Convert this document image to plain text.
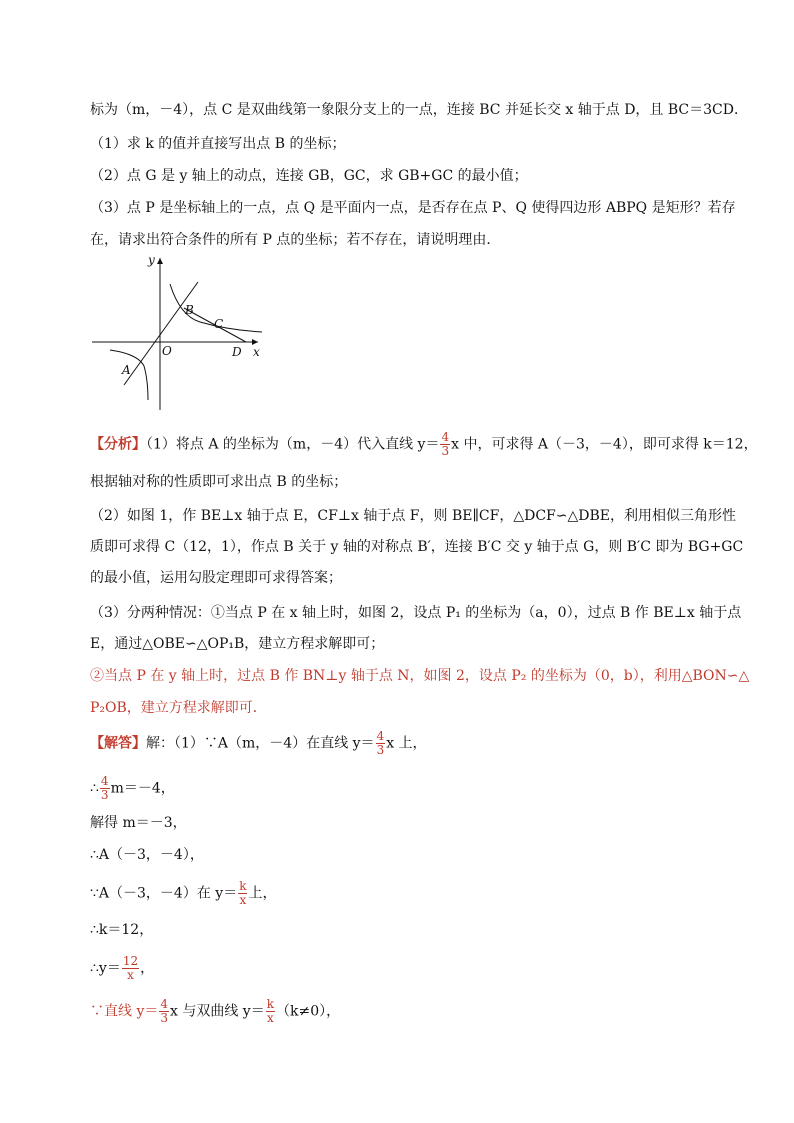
标为（m，－4），点 C 是双曲线第一象限分支上的一点，连接 BC 并延长交 x 轴于点 D，且 BC＝3CD．
（1）求 k 的值并直接写出点 B 的坐标；
（2）点 G 是 y 轴上的动点，连接 GB，GC，求 GB+GC 的最小值；
（3）点 P 是坐标轴上的一点，点 Q 是平面内一点，是否存在点 P、Q 使得四边形 ABPQ 是矩形？若存
在，请求出符合条件的所有 P 点的坐标；若不存在，请说明理由．
y
x
O
A
B
C
D
【分析】（1）将点 A 的坐标为（m，－4）代入直线 $y= \frac{4}{3}$ x 中，可求得 A（－3，－4），即可求得 k＝12，
根据轴对称的性质即可求出点 B 的坐标；
（2）如图 1，作 BE⊥x 轴于点 E，CF⊥x 轴于点 F，则 BE∥CF，△DCF∽△DBE，利用相似三角形性
质即可求得 C（12，1），作点 B 关于 y 轴的对称点 B′，连接 B′C 交 y 轴于点 G，则 B′C 即为 BG+GC
的最小值，运用勾股定理即可求得答案；
（3）分两种情况：①当点 P 在 x 轴上时，如图 2，设点 P₁ 的坐标为（a，0），过点 B 作 BE⊥x 轴于点
E，通过△OBE∽△OP₁B，建立方程求解即可；
②当点 P 在 y 轴上时，过点 B 作 BN⊥y 轴于点 N，如图 2，设点 P₂ 的坐标为（0，b），利用△BON∽△
P₂OB，建立方程求解即可．
【解答】解：（1）∵A（m，－4）在直线 $y= \frac{4}{3}$ x 上，
∴ $\frac{4}{3} m=-4$，
解得 m＝－3，
∴A（－3，－4），
∵A（－3，－4）在 $y= \frac{k}{x}$ 上，
∴k＝12，
∴y＝ $\frac{12}{x}$ ，
∵直线 $y= \frac{4}{3}$ x 与双曲线 $y= \frac{k}{x} (k\ne 0)$，
